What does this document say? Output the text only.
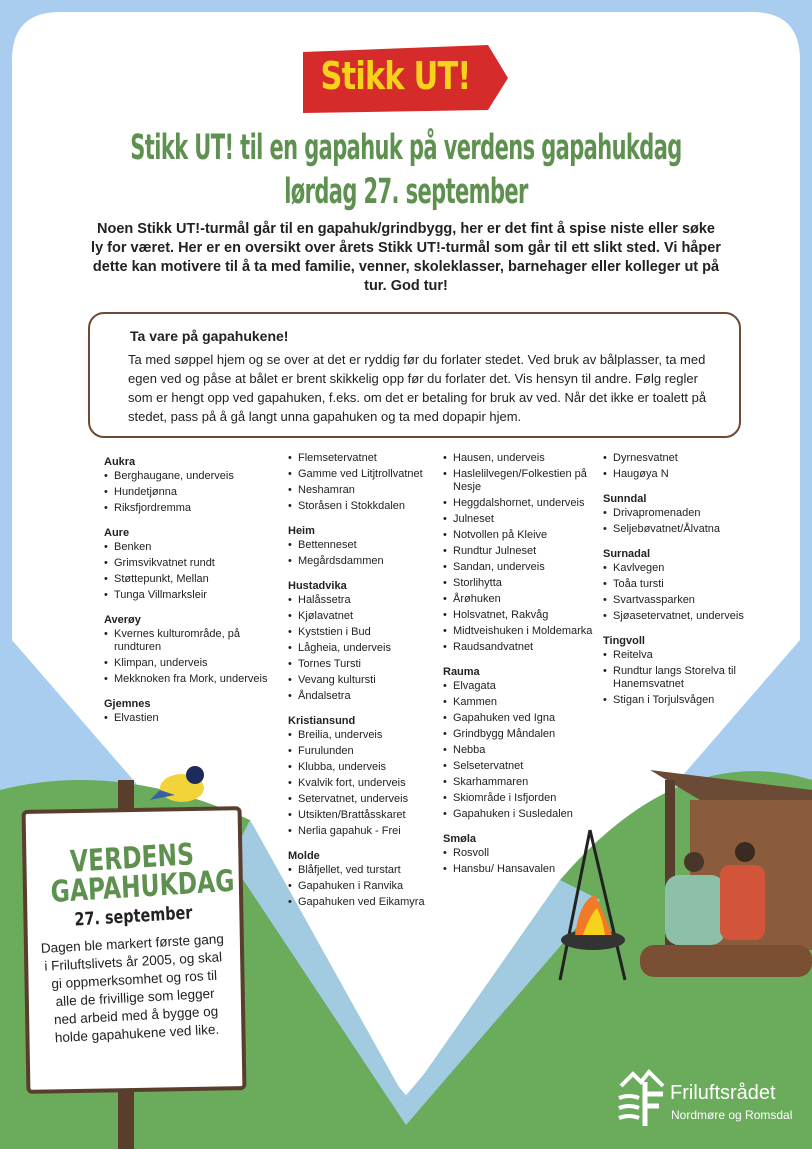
Stikk UT!
Stikk UT! til en gapahuk på verdens gapahukdag
lørdag 27. september
Noen Stikk UT!-turmål går til en gapahuk/grindbygg, her er det fint å spise niste eller søke ly for været. Her er en oversikt over årets Stikk UT!-turmål som går til ett slikt sted. Vi håper dette kan motivere til å ta med familie, venner, skoleklasser, barnehager eller kolleger ut på tur. God tur!
Ta vare på gapahukene!

Ta med søppel hjem og se over at det er ryddig før du forlater stedet. Ved bruk av bålplasser, ta med egen ved og påse at bålet er brent skikkelig opp før du forlater det. Vis hensyn til andre. Følg regler som er hengt opp ved gapahuken, f.eks. om det er betaling for bruk av ved. Når det ikke er toalett på stedet, pass på å gå langt unna gapahuken og ta med dopapir hjem.

Aukra
• Berghaugane, underveis
• Hundetjønna
• Riksfjordremma
Aure
• Benken
• Grimsvikvatnet rundt
• Støttepunkt, Mellan
• Tunga Villmarksleir
Averøy
• Kvernes kulturområde, på rundturen
• Klimpan, underveis
• Mekknoken fra Mork, underveis
Gjemnes
• Elvastien
• Flemsetervatnet
• Gamme ved Litjtrollvatnet
• Neshamran
• Storåsen i Stokkdalen
Heim
• Bettenneset
• Megårdsdammen
Hustadvika
• Halåssetra
• Kjølavatnet
• Kyststien i Bud
• Lågheia, underveis
• Tornes Tursti
• Vevang kultursti
• Åndalsetra
Kristiansund
• Breilia, underveis
• Furulunden
• Klubba, underveis
• Kvalvik fort, underveis
• Setervatnet, underveis
• Utsikten/Brattåsskaret
• Nerlia gapahuk - Frei
Molde
• Blåfjellet, ved turstart
• Gapahuken i Ranvika
• Gapahuken ved Eikamyra
• Hausen, underveis
• Haslelilvegen/Folkestien på Nesje
• Heggdalshornet, underveis
• Julneset
• Notvollen på Kleive
• Rundtur Julneset
• Sandan, underveis
• Storlihytta
• Årøhuken
• Holsvatnet, Rakvåg
• Midtveishuken i Moldemarka
• Raudsandvatnet
Rauma
• Elvagata
• Kammen
• Gapahuken ved Igna
• Grindbygg Måndalen
• Nebba
• Selsetervatnet
• Skarhammaren
• Skiområde i Isfjorden
• Gapahuken i Susledalen
Smøla
• Rosvoll
• Hansbu/ Hansavalen
• Dyrnesvatnet
• Haugøya N
Sunndal
• Drivapromenaden
• Seljebøvatnet/Ålvatna
Surnadal
• Kavlvegen
• Toåa tursti
• Svartvassparken
• Sjøasetervatnet, underveis
Tingvoll
• Reitelva
• Rundtur langs Storelva til Hanemsvatnet
• Stigan i Torjulsvågen
VERDENS GAPAHUKDAG
27. september

Dagen ble markert første gang i Friluftslivets år 2005, og skal gi oppmerksomhet og ros til alle de frivillige som legger ned arbeid med å bygge og holde gapahukene ved like.

Friluftsrådet
Nordmøre og Romsdal
